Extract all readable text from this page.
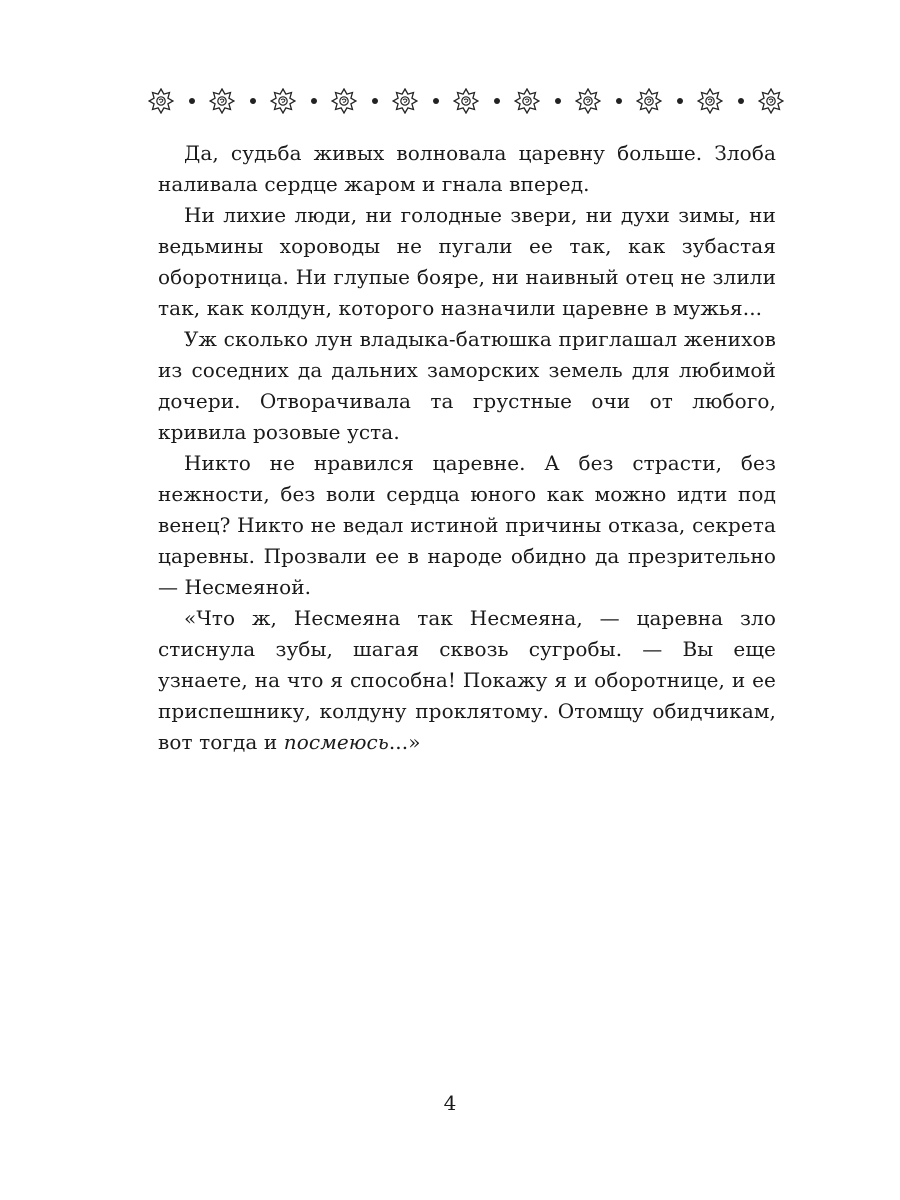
Да, судьба живых волновала царевну больше. Злоба наливала сердце жаром и гнала вперед.

Ни лихие люди, ни голодные звери, ни духи зимы, ни ведьмины хороводы не пугали ее так, как зубастая оборотница. Ни глупые бояре, ни наивный отец не злили так, как колдун, которого назначили царевне в мужья...

Уж сколько лун владыка-батюшка приглашал женихов из соседних да дальних заморских земель для любимой дочери. Отворачивала та грустные очи от любого, кривила розовые уста.

Никто не нравился царевне. А без страсти, без нежности, без воли сердца юного как можно идти под венец? Никто не ведал истиной причины отказа, секрета царевны. Прозвали ее в народе обидно да презрительно — Несмеяной.

«Что ж, Несмеяна так Несмеяна, — царевна зло стиснула зубы, шагая сквозь сугробы. — Вы еще узнаете, на что я способна! Покажу я и оборотнице, и ее приспешнику, колдуну проклятому. Отомщу обидчикам, вот тогда и посмеюсь...»

4
